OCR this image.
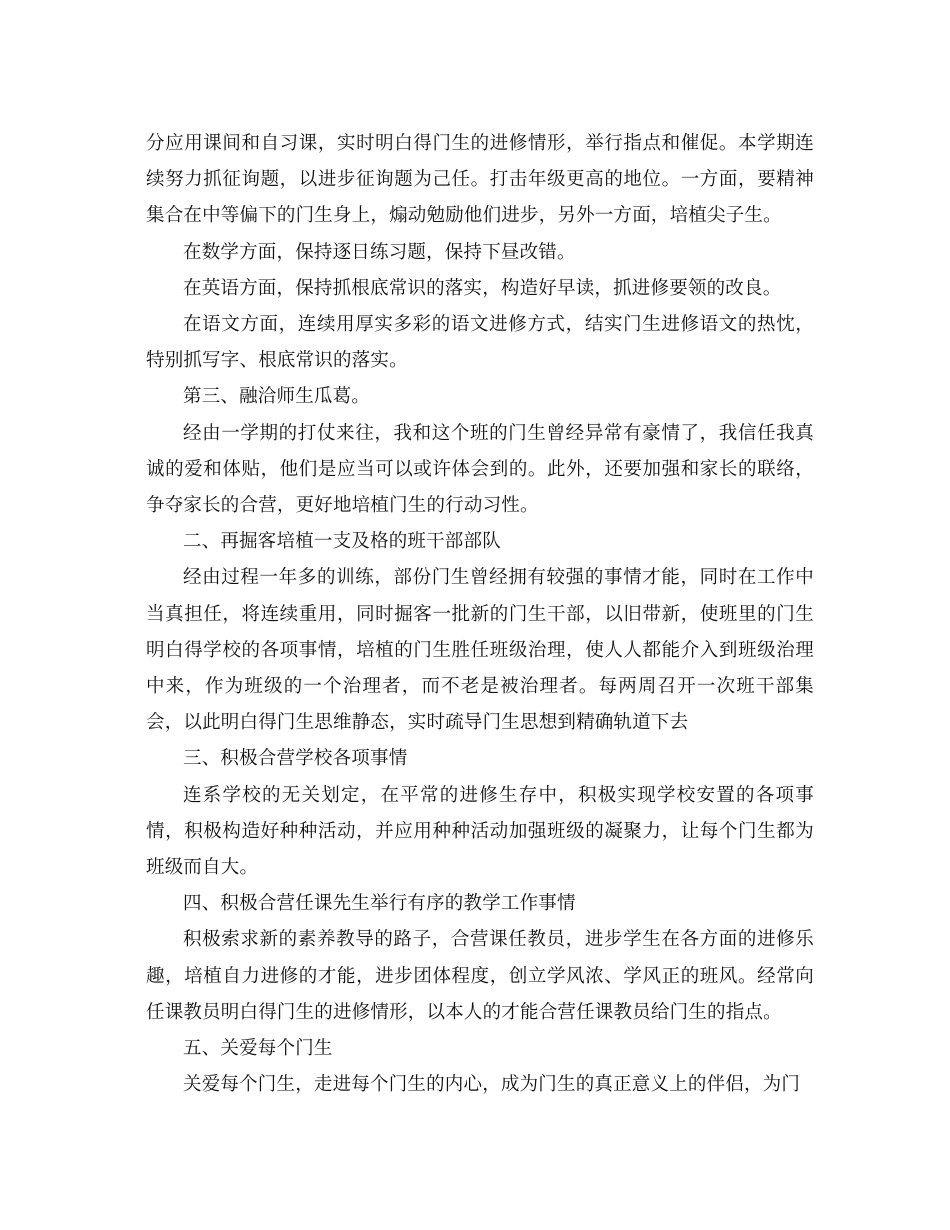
分应用课间和自习课，实时明白得门生的进修情形，举行指点和催促。本学期连续努力抓征询题，以进步征询题为己任。打击年级更高的地位。一方面，要精神集合在中等偏下的门生身上，煽动勉励他们进步，另外一方面，培植尖子生。

在数学方面，保持逐日练习题，保持下昼改错。

在英语方面，保持抓根底常识的落实，构造好早读，抓进修要领的改良。

在语文方面，连续用厚实多彩的语文进修方式，结实门生进修语文的热忱，特别抓写字、根底常识的落实。

第三、融洽师生瓜葛。

经由一学期的打仗来往，我和这个班的门生曾经异常有豪情了，我信任我真诚的爱和体贴，他们是应当可以或许体会到的。此外，还要加强和家长的联络，争夺家长的合营，更好地培植门生的行动习性。

二、再掘客培植一支及格的班干部部队

经由过程一年多的训练，部份门生曾经拥有较强的事情才能，同时在工作中当真担任，将连续重用，同时掘客一批新的门生干部，以旧带新，使班里的门生明白得学校的各项事情，培植的门生胜任班级治理，使人人都能介入到班级治理中来，作为班级的一个治理者，而不老是被治理者。每两周召开一次班干部集会，以此明白得门生思维静态，实时疏导门生思想到精确轨道下去

三、积极合营学校各项事情

连系学校的无关划定，在平常的进修生存中，积极实现学校安置的各项事情，积极构造好种种活动，并应用种种活动加强班级的凝聚力，让每个门生都为班级而自大。

四、积极合营任课先生举行有序的教学工作事情

积极索求新的素养教导的路子，合营课任教员，进步学生在各方面的进修乐趣，培植自力进修的才能，进步团体程度，创立学风浓、学风正的班风。经常向任课教员明白得门生的进修情形，以本人的才能合营任课教员给门生的指点。

五、关爱每个门生

关爱每个门生，走进每个门生的内心，成为门生的真正意义上的伴侣，为门
